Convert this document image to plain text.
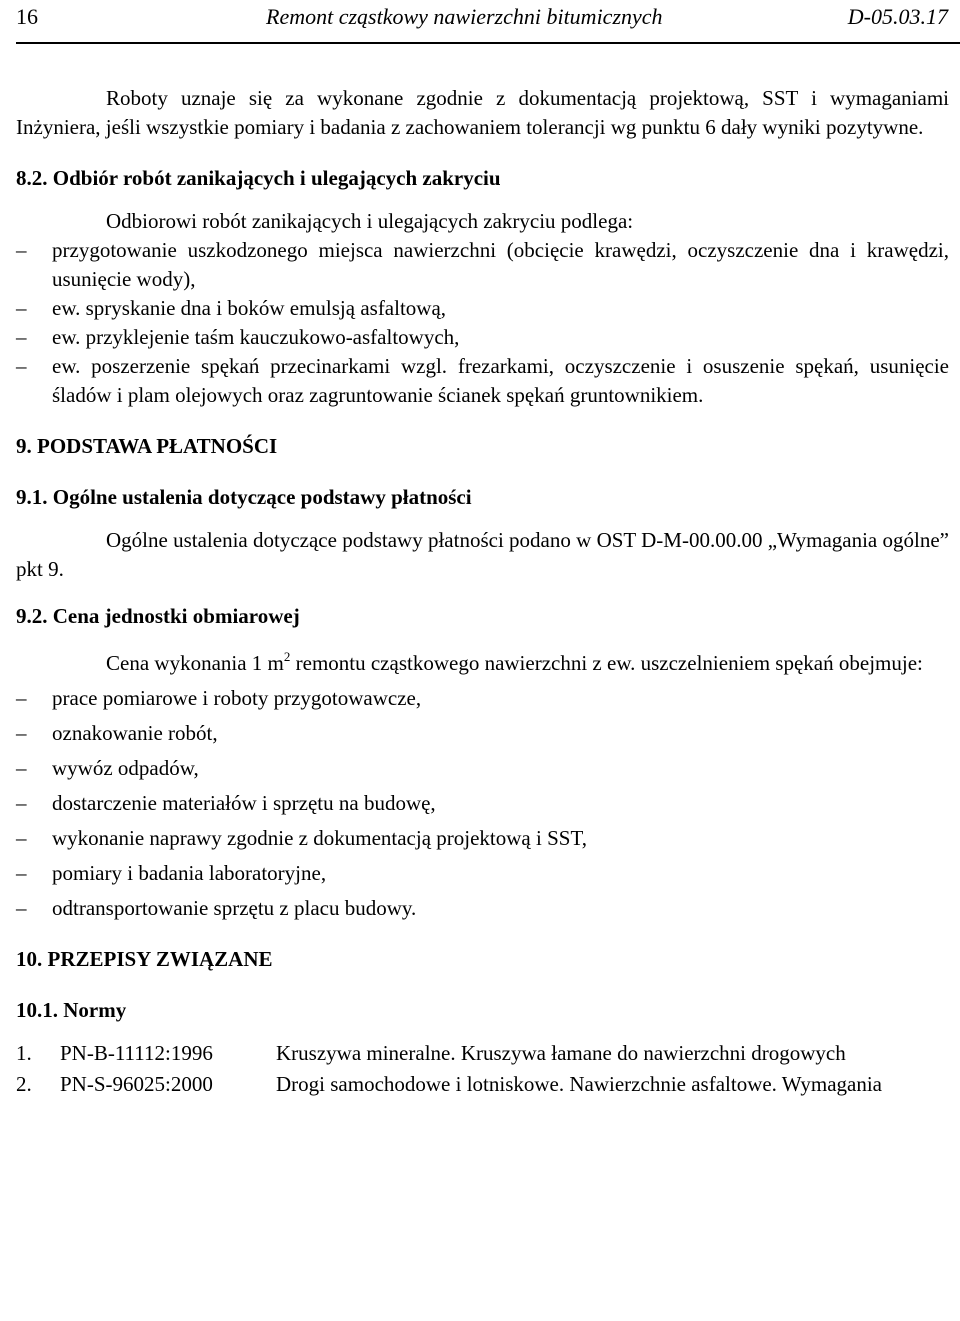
16	Remont cząstkowy nawierzchni bitumicznych	D-05.03.17

Roboty uznaje się za wykonane zgodnie z dokumentacją projektową, SST i wymaganiami Inżyniera, jeśli wszystkie pomiary i badania z zachowaniem tolerancji wg punktu 6 dały wyniki pozytywne.

8.2. Odbiór robót zanikających i ulegających zakryciu

Odbiorowi robót zanikających i ulegających zakryciu podlega:

–	przygotowanie uszkodzonego miejsca nawierzchni (obcięcie krawędzi, oczyszczenie dna i krawędzi, usunięcie wody),
–	ew. spryskanie dna i boków emulsją asfaltową,
–	ew. przyklejenie taśm kauczukowo-asfaltowych,
–	ew. poszerzenie spękań przecinarkami wzgl. frezarkami, oczyszczenie i osuszenie spękań, usunięcie śladów i plam olejowych oraz zagruntowanie ścianek spękań gruntownikiem.

9. PODSTAWA PŁATNOŚCI

9.1. Ogólne ustalenia dotyczące podstawy płatności

Ogólne ustalenia dotyczące podstawy płatności podano w OST D-M-00.00.00 „Wymagania ogólne” pkt 9.

9.2. Cena jednostki obmiarowej

Cena wykonania 1 $m^2$ remontu cząstkowego nawierzchni z ew. uszczelnieniem spękań obejmuje:

–	prace pomiarowe i roboty przygotowawcze,
–	oznakowanie robót,
–	wywóz odpadów,
–	dostarczenie materiałów i sprzętu na budowę,
–	wykonanie naprawy zgodnie z dokumentacją projektową i SST,
–	pomiary i badania laboratoryjne,
–	odtransportowanie sprzętu z placu budowy.

10. PRZEPISY ZWIĄZANE

10.1. Normy

1.	PN-B-11112:1996	Kruszywa mineralne. Kruszywa łamane do nawierzchni drogowych
2.	PN-S-96025:2000	Drogi samochodowe i lotniskowe. Nawierzchnie asfaltowe. Wymagania
